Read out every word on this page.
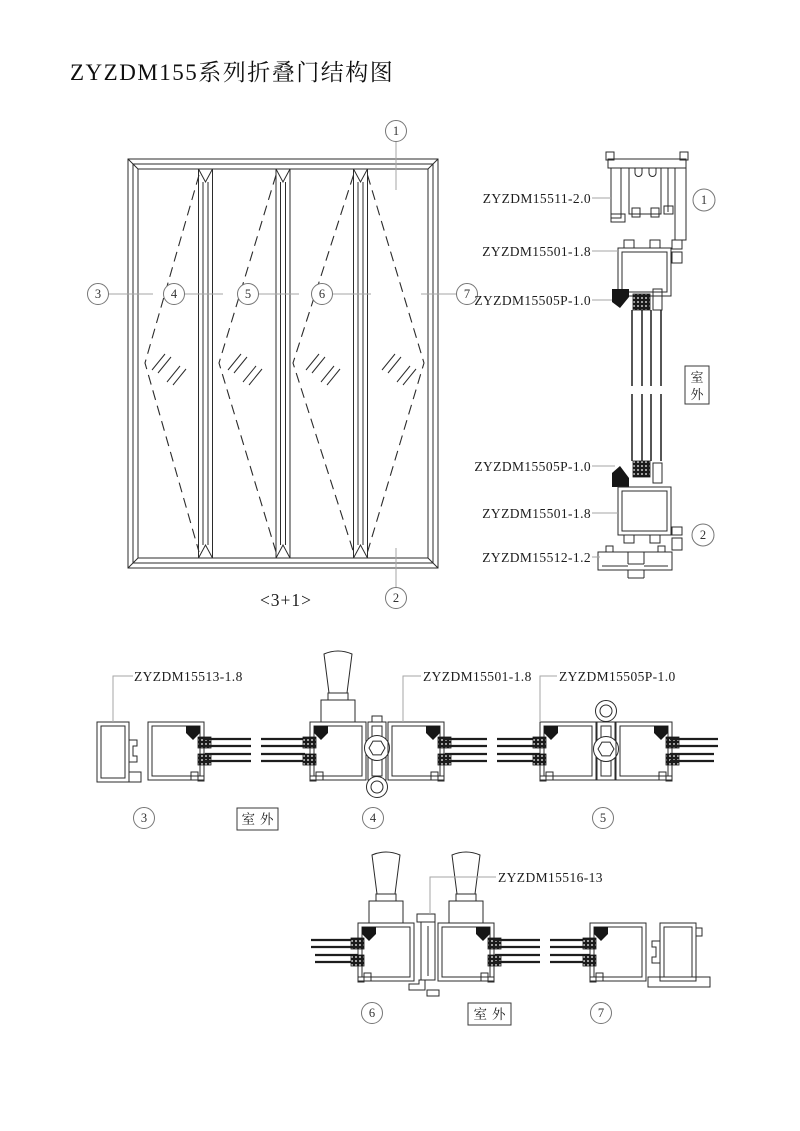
ZYZDM155系列折叠门结构图
1
2
3	4	5	6	7
<3+1>
室
外
ZYZDM15511-2.0
ZYZDM15501-1.8
ZYZDM15505P-1.0
ZYZDM15505P-1.0
ZYZDM15501-1.8
ZYZDM15512-1.2
1
2
ZYZDM15513-1.8	ZYZDM15501-1.8 ZYZDM15505P-1.0
3	4	5
室外
ZYZDM15516-13
6	7
室外
